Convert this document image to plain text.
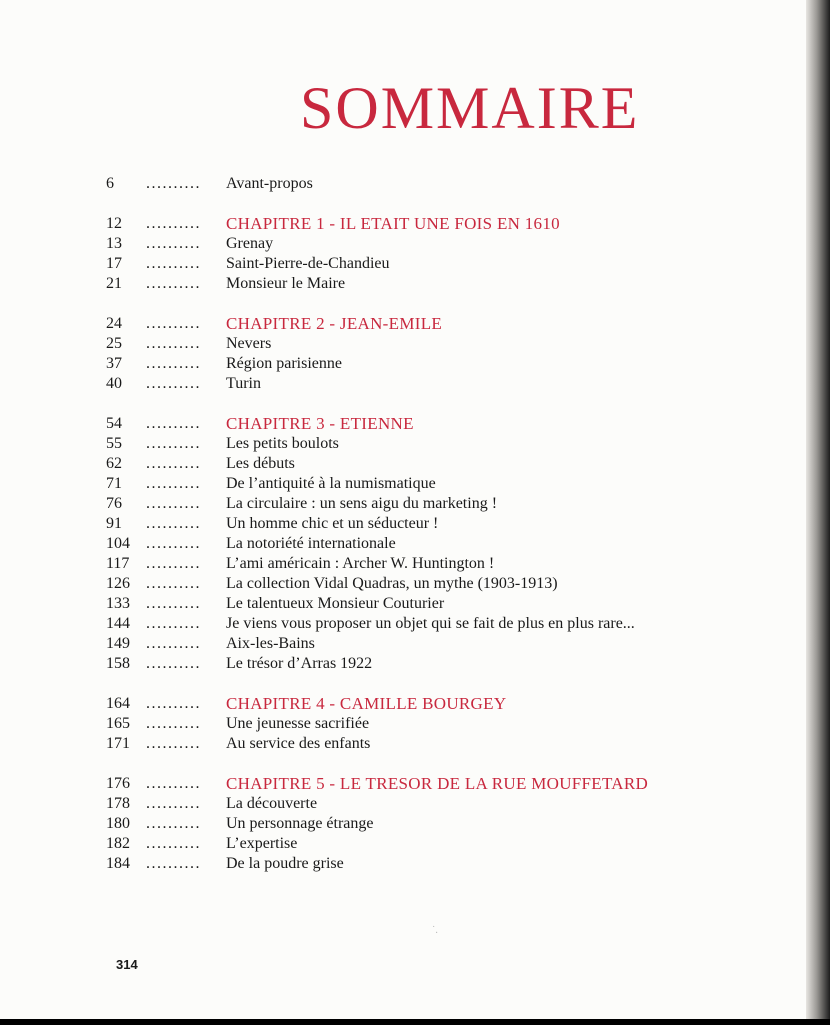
SOMMAIRE
6	..........	Avant-propos
12	..........	CHAPITRE 1 - IL ETAIT UNE FOIS EN 1610
13	..........	Grenay
17	..........	Saint-Pierre-de-Chandieu
21	..........	Monsieur le Maire
24	..........	CHAPITRE 2 - JEAN-EMILE
25	..........	Nevers
37	..........	Région parisienne
40	..........	Turin
54	..........	CHAPITRE 3 - ETIENNE
55	..........	Les petits boulots
62	..........	Les débuts
71	..........	De l’antiquité à la numismatique
76	..........	La circulaire : un sens aigu du marketing !
91	..........	Un homme chic et un séducteur !
104	..........	La notoriété internationale
117	..........	L’ami américain : Archer W. Huntington !
126	..........	La collection Vidal Quadras, un mythe (1903-1913)
133	..........	Le talentueux Monsieur Couturier
144	..........	Je viens vous proposer un objet qui se fait de plus en plus rare...
149	..........	Aix-les-Bains
158	..........	Le trésor d’Arras 1922
164	..........	CHAPITRE 4 - CAMILLE BOURGEY
165	..........	Une jeunesse sacrifiée
171	..........	Au service des enfants
176	..........	CHAPITRE 5 - LE TRESOR DE LA RUE MOUFFETARD
178	..........	La découverte
180	..........	Un personnage étrange
182	..........	L’expertise
184	..........	De la poudre grise
˙.
314
